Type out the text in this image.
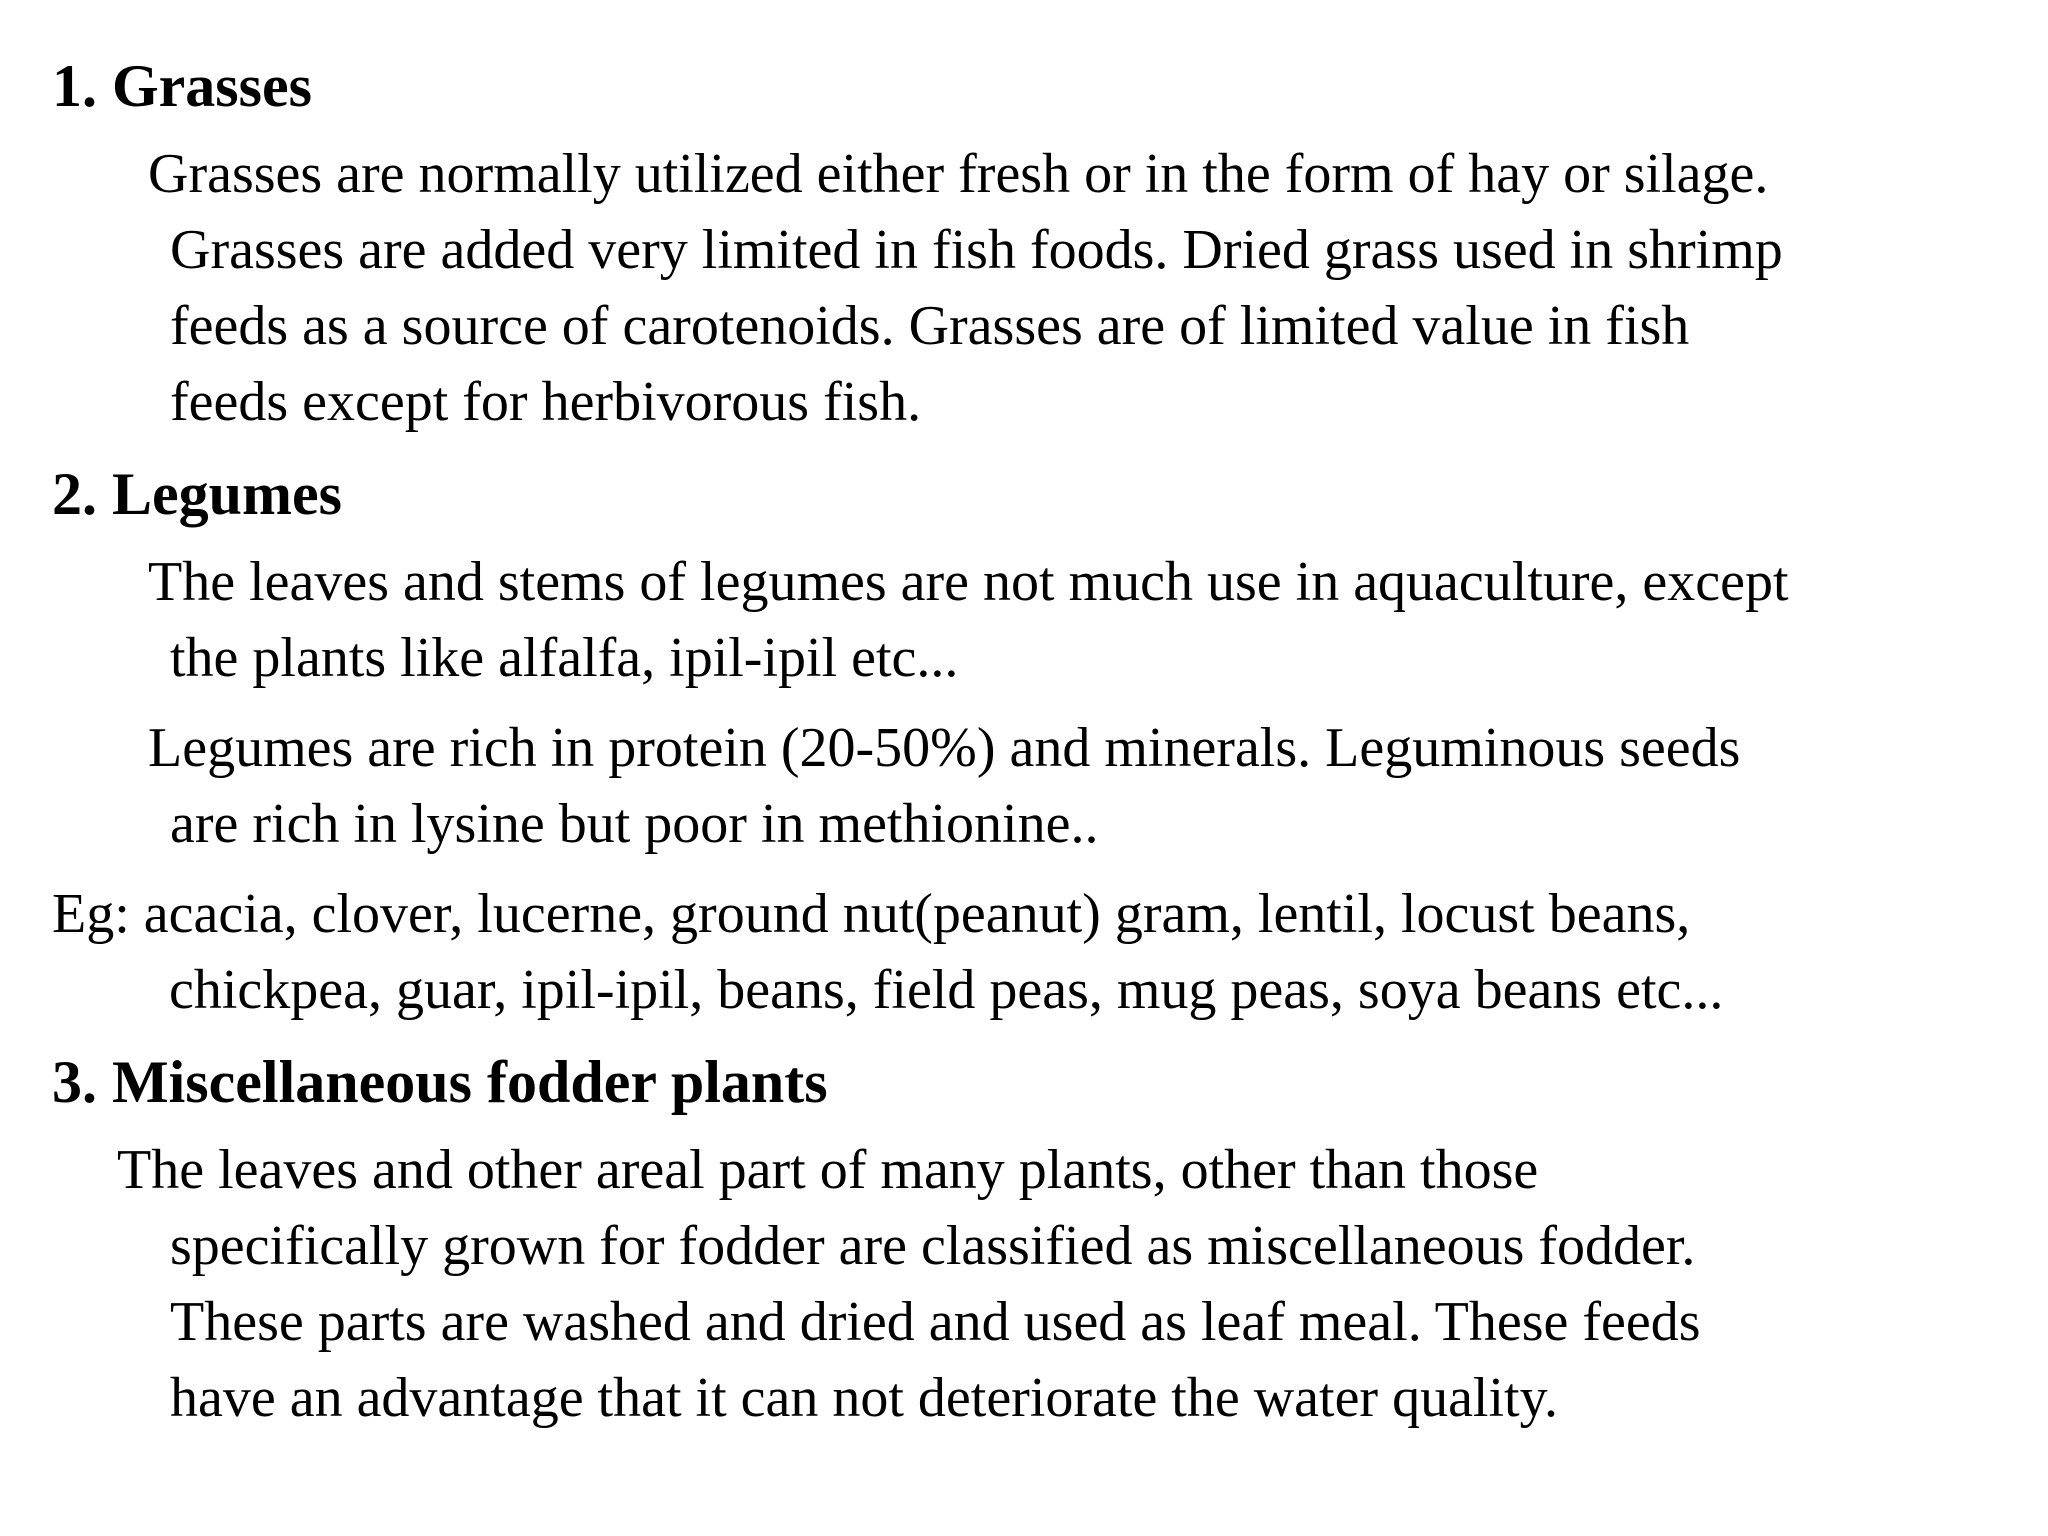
1. Grasses

Grasses are normally utilized either fresh or in the form of hay or silage.
Grasses are added very limited in fish foods. Dried grass used in shrimp
feeds as a source of carotenoids. Grasses are of limited value in fish
feeds except for herbivorous fish.

2. Legumes

The leaves and stems of legumes are not much use in aquaculture, except
the plants like alfalfa, ipil-ipil etc...

Legumes are rich in protein (20-50%) and minerals. Leguminous seeds
are rich in lysine but poor in methionine..

Eg: acacia, clover, lucerne, ground nut(peanut) gram, lentil, locust beans,
chickpea, guar, ipil-ipil, beans, field peas, mug peas, soya beans etc...

3. Miscellaneous fodder plants

The leaves and other areal part of many plants, other than those
specifically grown for fodder are classified as miscellaneous fodder.
These parts are washed and dried and used as leaf meal. These feeds
have an advantage that it can not deteriorate the water quality.
